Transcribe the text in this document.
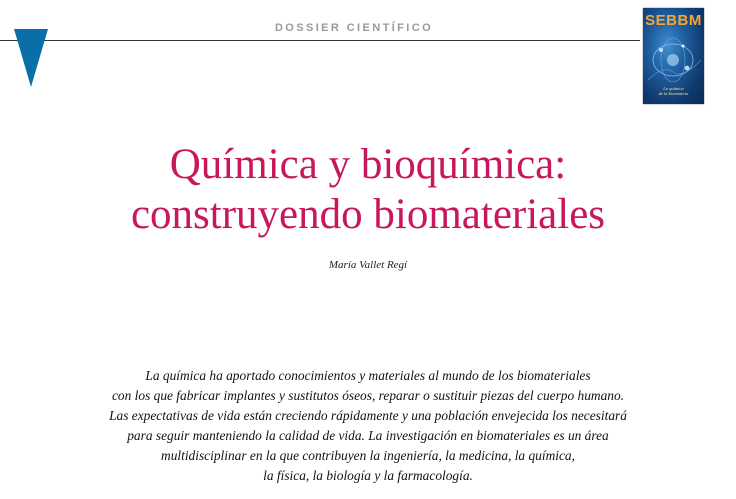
DOSSIER CIENTÍFICO	SEBBM
La química
de la biomateria
Química y bioquímica:
construyendo biomateriales
María Vallet Regí
La química ha aportado conocimientos y materiales al mundo de los biomateriales
con los que fabricar implantes y sustitutos óseos, reparar o sustituir piezas del cuerpo humano.
Las expectativas de vida están creciendo rápidamente y una población envejecida los necesitará
para seguir manteniendo la calidad de vida. La investigación en biomateriales es un área
multidisciplinar en la que contribuyen la ingeniería, la medicina, la química,
la física, la biología y la farmacología.
